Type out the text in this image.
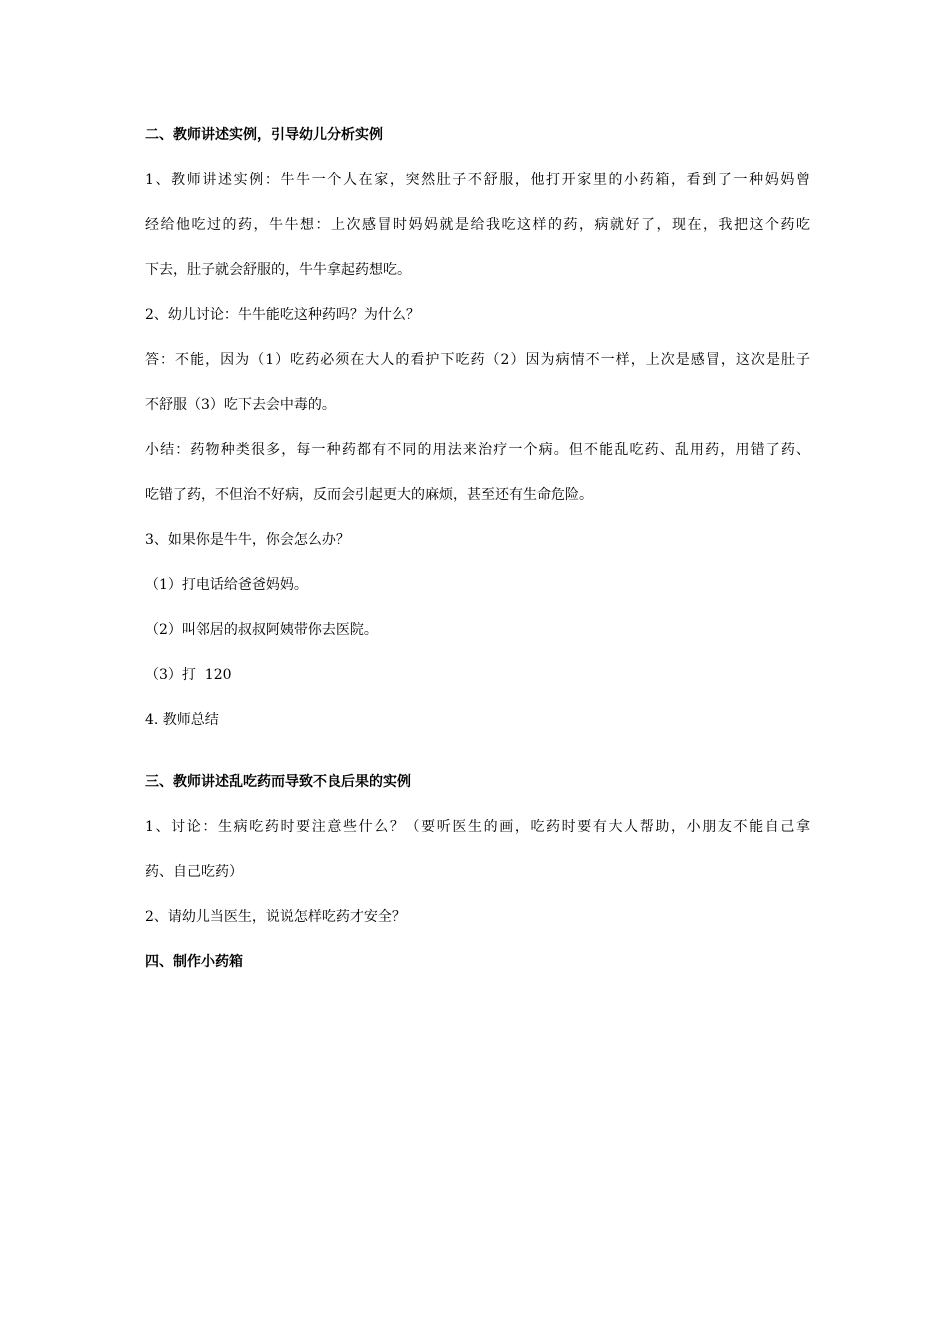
二、教师讲述实例，引导幼儿分析实例

1、教师讲述实例：牛牛一个人在家，突然肚子不舒服，他打开家里的小药箱，看到了一种妈妈曾

经给他吃过的药，牛牛想：上次感冒时妈妈就是给我吃这样的药，病就好了，现在，我把这个药吃

下去，肚子就会舒服的，牛牛拿起药想吃。

2、幼儿讨论：牛牛能吃这种药吗？为什么？

答：不能，因为（1）吃药必须在大人的看护下吃药（2）因为病情不一样，上次是感冒，这次是肚子

不舒服（3）吃下去会中毒的。

小结：药物种类很多，每一种药都有不同的用法来治疗一个病。但不能乱吃药、乱用药，用错了药、

吃错了药，不但治不好病，反而会引起更大的麻烦，甚至还有生命危险。

3、如果你是牛牛，你会怎么办？

（1）打电话给爸爸妈妈。

（2）叫邻居的叔叔阿姨带你去医院。

（3）打  120

4. 教师总结

三、教师讲述乱吃药而导致不良后果的实例

1、讨论：生病吃药时要注意些什么？（要听医生的画，吃药时要有大人帮助，小朋友不能自己拿

药、自己吃药）

2、请幼儿当医生，说说怎样吃药才安全？

四、制作小药箱
